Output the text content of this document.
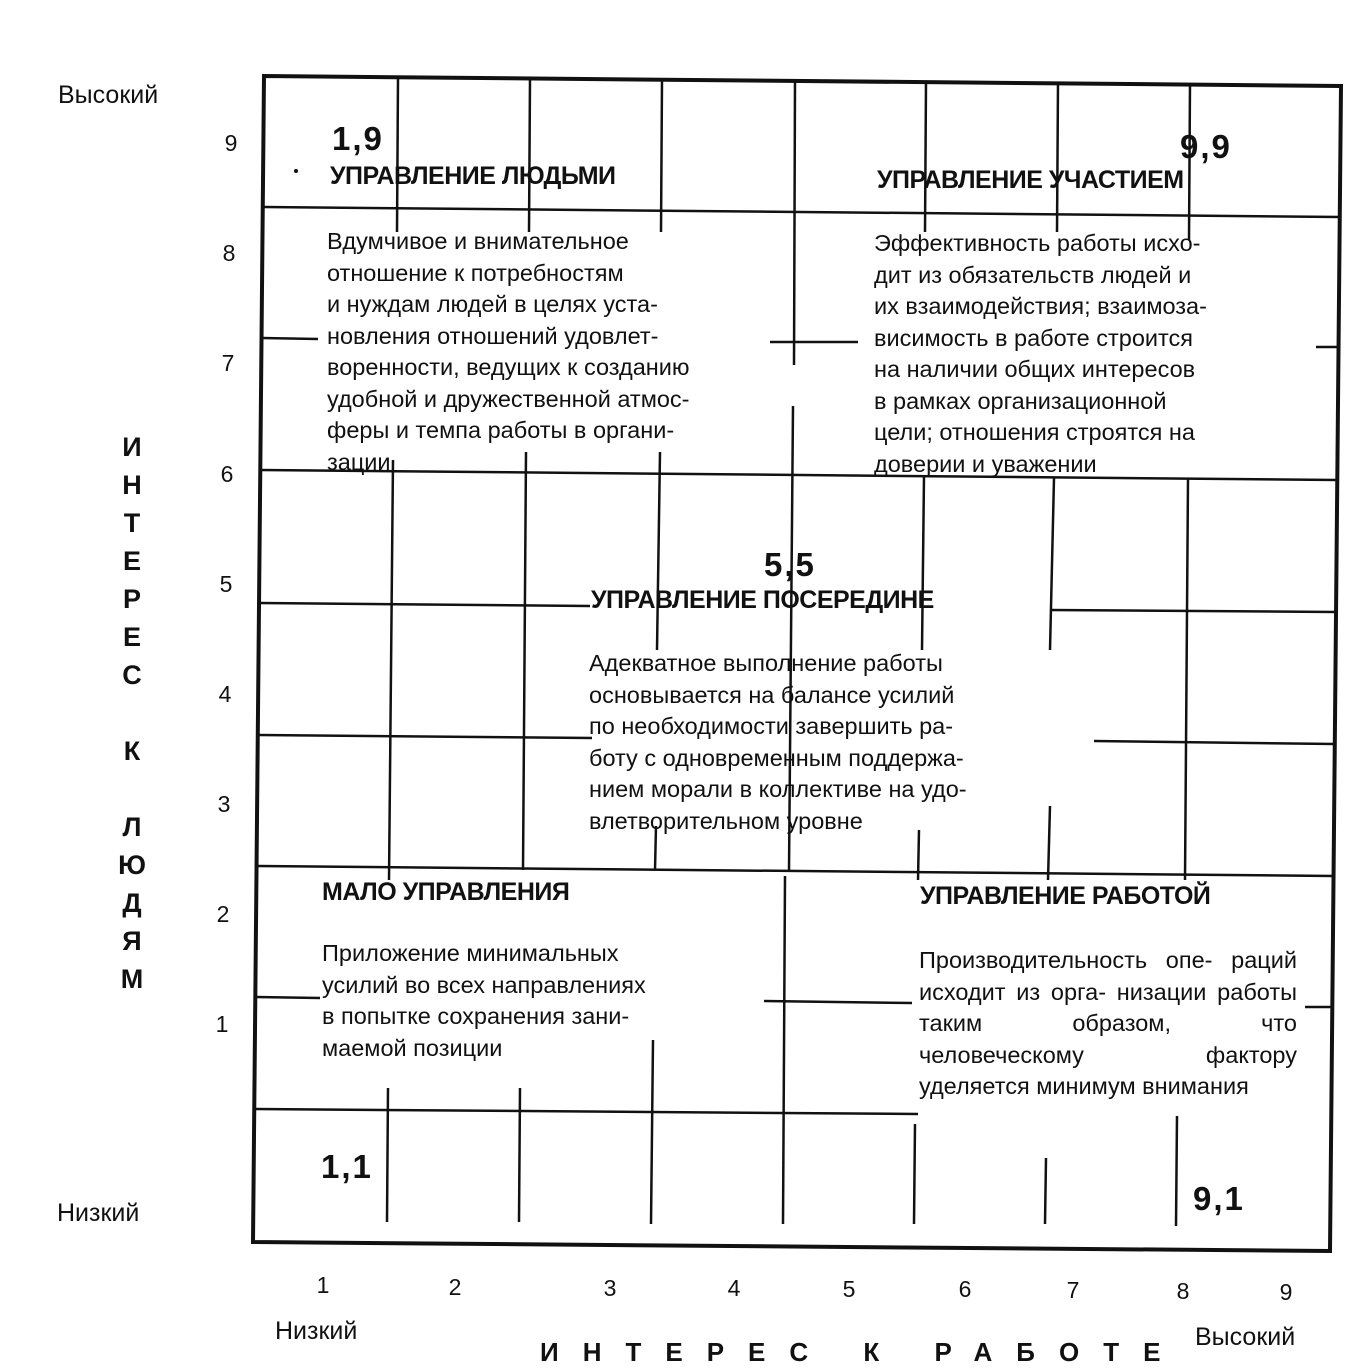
Высокий
Низкий
9
8
7
6
5
4
3
2
1
И
Н
Т
Е
Р
Е
С
К
Л
Ю
Д
Я
М
1	2	3	4	5	6	7	8	9
Низкий	Высокий
ИНТЕРЕС К РАБОТЕ
1,9
УПРАВЛЕНИЕ ЛЮДЬМИ
Вдумчивое и внимательное
отношение к потребностям
и нуждам людей в целях уста-
новления отношений удовлет-
воренности, ведущих к созданию
удобной и дружественной атмос-
феры и темпа работы в органи-
зации
9,9
УПРАВЛЕНИЕ УЧАСТИЕМ
Эффективность работы исхо-
дит из обязательств людей и
их взаимодействия; взаимоза-
висимость в работе строится
на наличии общих интересов
в рамках организационной
цели; отношения строятся на
доверии и уважении
5,5
УПРАВЛЕНИЕ ПОСЕРЕДИНЕ
Адекватное выполнение работы
основывается на балансе усилий
по необходимости завершить ра-
боту с одновременным поддержа-
нием морали в коллективе на удо-
влетворительном уровне
МАЛО УПРАВЛЕНИЯ
Приложение минимальных
усилий во всех направлениях
в попытке сохранения зани-
маемой позиции
1,1
УПРАВЛЕНИЕ РАБОТОЙ
Производительность опе- раций исходит из орга- низации работы таким образом, что человеческому фактору уделяется минимум внимания
9,1
